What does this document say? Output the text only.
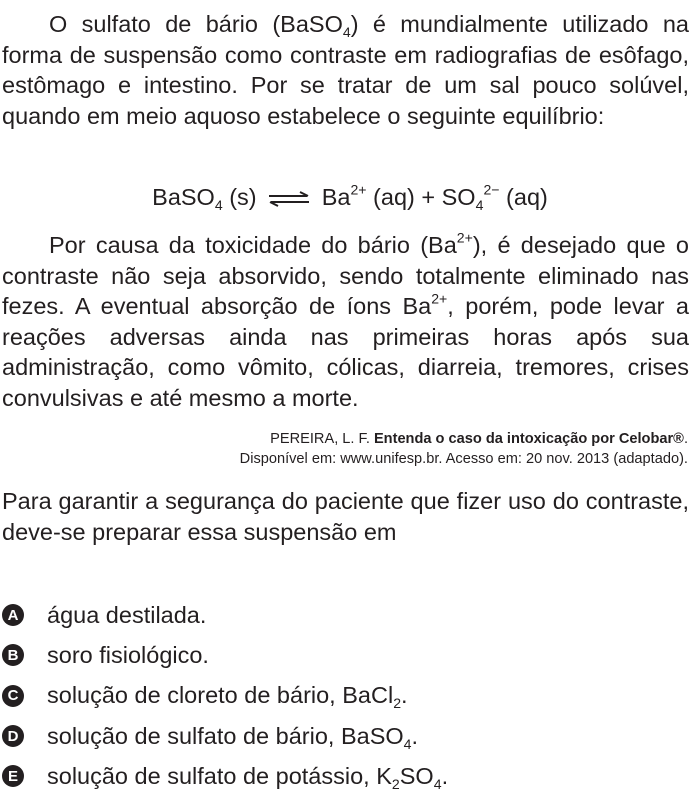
O sulfato de bário (BaSO$_4$) é mundialmente utilizado na forma de suspensão como contraste em radiografias de esôfago, estômago e intestino. Por se tratar de um sal pouco solúvel, quando em meio aquoso estabelece o seguinte equilíbrio:

BaSO$_4$ (s) ⇌ $Ba^{2+}$ $(aq) + SO_4^{2-}$ (aq)

Por causa da toxicidade do bário $(Ba^{2+})$, é desejado que o contraste não seja absorvido, sendo totalmente eliminado nas fezes. A eventual absorção de íons $Ba^{2+}$, porém, pode levar a reações adversas ainda nas primeiras horas após sua administração, como vômito, cólicas, diarreia, tremores, crises convulsivas e até mesmo a morte.

PEREIRA, L. F. Entenda o caso da intoxicação por Celobar®.
Disponível em: www.unifesp.br. Acesso em: 20 nov. 2013 (adaptado).

Para garantir a segurança do paciente que fizer uso do contraste, deve-se preparar essa suspensão em

A água destilada.
B soro fisiológico.
C solução de cloreto de bário, BaCl$_2$.
D solução de sulfato de bário, BaSO$_4$.
E solução de sulfato de potássio, $K_2SO_4$.
